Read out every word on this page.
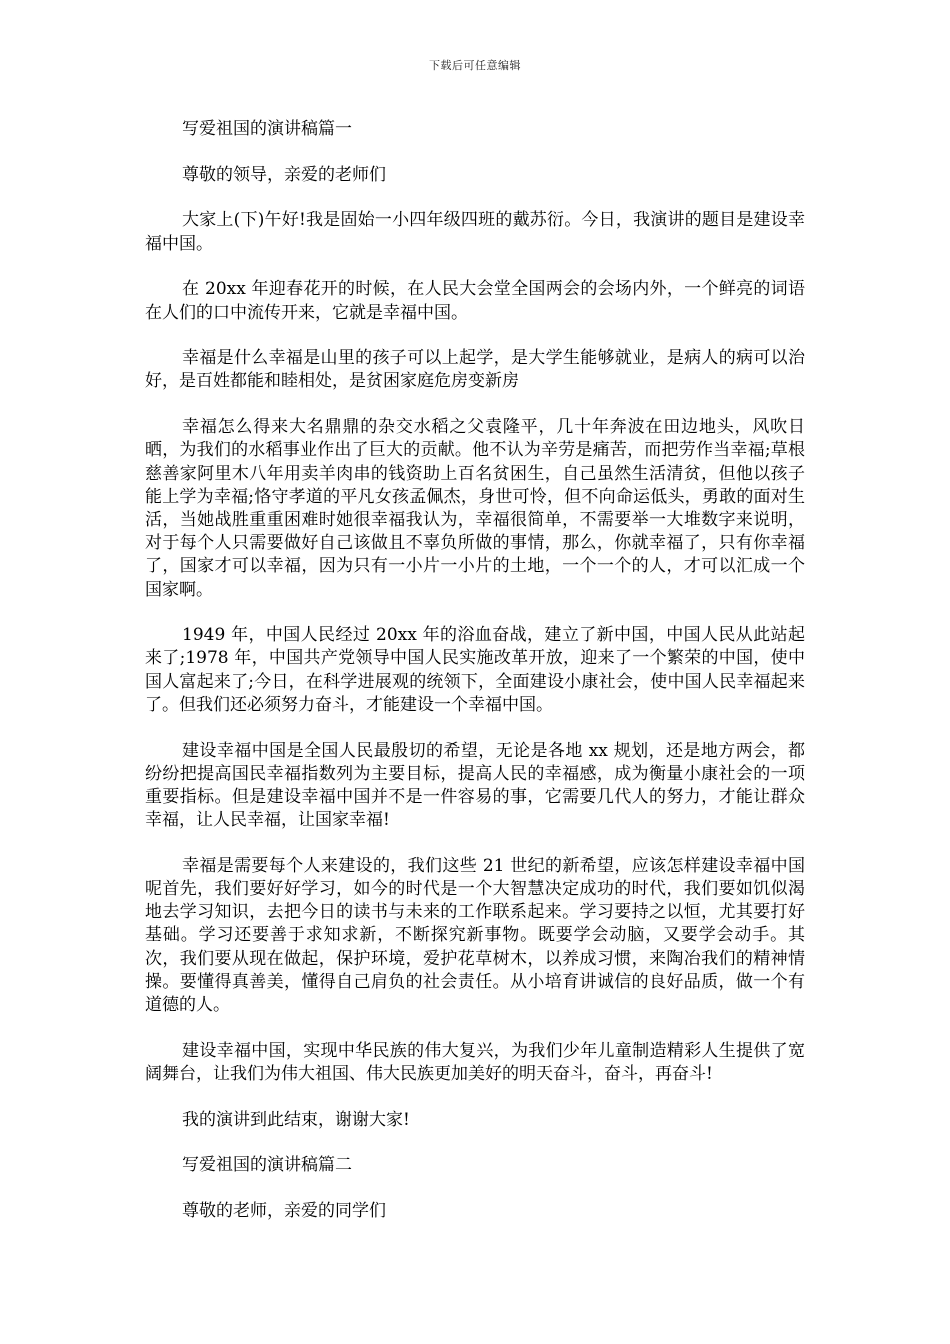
下载后可任意编辑

写爱祖国的演讲稿篇一

尊敬的领导，亲爱的老师们

大家上(下)午好!我是固始一小四年级四班的戴苏衍。今日，我演讲的题目是建设幸福中国。

在 20xx 年迎春花开的时候，在人民大会堂全国两会的会场内外，一个鲜亮的词语在人们的口中流传开来，它就是幸福中国。

幸福是什么幸福是山里的孩子可以上起学，是大学生能够就业，是病人的病可以治好，是百姓都能和睦相处，是贫困家庭危房变新房

幸福怎么得来大名鼎鼎的杂交水稻之父袁隆平，几十年奔波在田边地头，风吹日晒，为我们的水稻事业作出了巨大的贡献。他不认为辛劳是痛苦，而把劳作当幸福;草根慈善家阿里木八年用卖羊肉串的钱资助上百名贫困生，自己虽然生活清贫，但他以孩子能上学为幸福;恪守孝道的平凡女孩孟佩杰，身世可怜，但不向命运低头，勇敢的面对生活，当她战胜重重困难时她很幸福我认为，幸福很简单，不需要举一大堆数字来说明，对于每个人只需要做好自己该做且不辜负所做的事情，那么，你就幸福了，只有你幸福了，国家才可以幸福，因为只有一小片一小片的土地，一个一个的人，才可以汇成一个国家啊。

1949 年，中国人民经过 20xx 年的浴血奋战，建立了新中国，中国人民从此站起来了;1978 年，中国共产党领导中国人民实施改革开放，迎来了一个繁荣的中国，使中国人富起来了;今日，在科学进展观的统领下，全面建设小康社会，使中国人民幸福起来了。但我们还必须努力奋斗，才能建设一个幸福中国。

建设幸福中国是全国人民最殷切的希望，无论是各地 xx 规划，还是地方两会，都纷纷把提高国民幸福指数列为主要目标，提高人民的幸福感，成为衡量小康社会的一项重要指标。但是建设幸福中国并不是一件容易的事，它需要几代人的努力，才能让群众幸福，让人民幸福，让国家幸福!

幸福是需要每个人来建设的，我们这些 21 世纪的新希望，应该怎样建设幸福中国呢首先，我们要好好学习，如今的时代是一个大智慧决定成功的时代，我们要如饥似渴地去学习知识，去把今日的读书与未来的工作联系起来。学习要持之以恒，尤其要打好基础。学习还要善于求知求新，不断探究新事物。既要学会动脑，又要学会动手。其次，我们要从现在做起，保护环境，爱护花草树木，以养成习惯，来陶冶我们的精神情操。要懂得真善美，懂得自己肩负的社会责任。从小培育讲诚信的良好品质，做一个有道德的人。

建设幸福中国，实现中华民族的伟大复兴，为我们少年儿童制造精彩人生提供了宽阔舞台，让我们为伟大祖国、伟大民族更加美好的明天奋斗，奋斗，再奋斗!

我的演讲到此结束，谢谢大家!

写爱祖国的演讲稿篇二

尊敬的老师，亲爱的同学们
